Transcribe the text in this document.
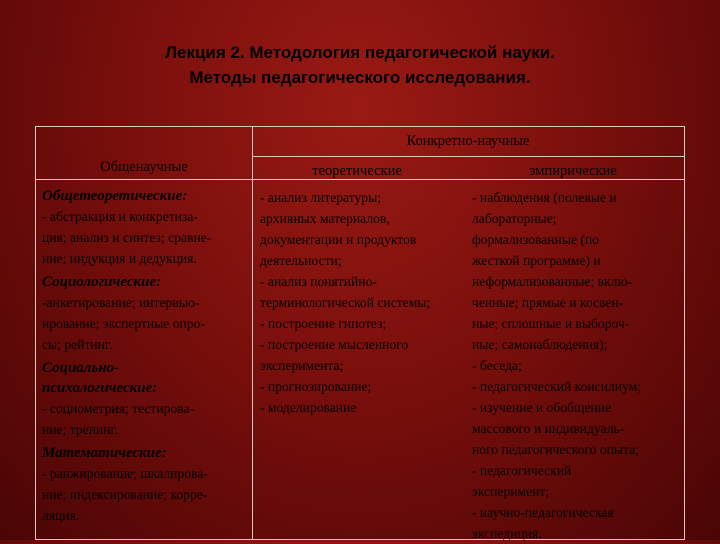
Лекция 2. Методология педагогической науки.
Методы педагогического исследования.
Конкретно-научные
Общенаучные	теоретические	эмпирические
Общетеоретические:
- абстракция и конкретиза-
ция; анализ и синтез; сравне-
ние; индукция и дедукция.
Социологические:
-анкетирование; интервью-
ирование; экспертные опро-
сы; рейтинг.
Социально-
психологические:
- социометрия; тестирова-
ние; тренинг.
Математические:
- ранжирование; шкалирова-
ние; индексирование; корре-
ляция.
- анализ литературы;
архивных материалов,
документации и продуктов
деятельности;
- анализ понятийно-
терминологической системы;
- построение гипотез;
- построение мысленного
эксперимента;
- прогнозирование;
- моделирование
- наблюдения (полевые и
лабораторные;
формализованные (по
жесткой программе) и
неформализованные; вклю-
ченные; прямые и косвен-
ные; сплошные и выбороч-
ные; самонаблюдения);
- беседа;
- педагогический консилиум;
- изучение и обобщение
массового и индивидуаль-
ного педагогического опыта;
- педагогический
эксперимент;
- научно-педагогическая
экспедиция.
